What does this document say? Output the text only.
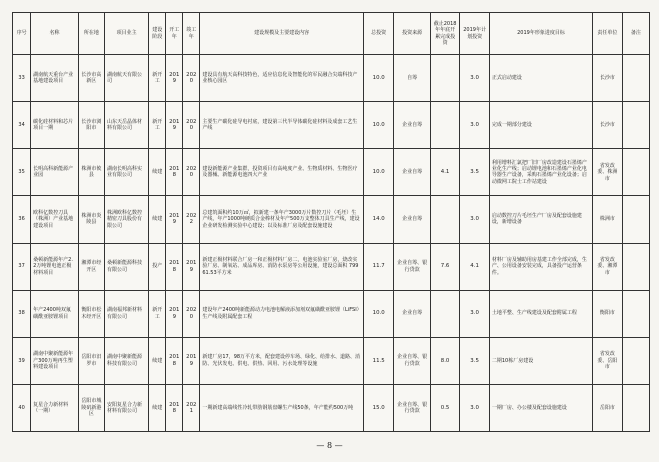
序号	名称	所在地	项目业主	建设阶段	开工年	竣工年	建设规模及主要建设内容	总投资	投资来源	截止2018年年底开累完成投资	2019年计划投资	2019年形象进度目标	责任单位	备注
33	湖南航天重台产业基地建设项目	长沙市高新区	湖南航天有限公司	新开工	2019	2020	建设具有航天高科技特色，适应信息化及智能化的军民融合尖端科技产业核心园区	10.0	自筹		3.0	正式启动建设	长沙市	
34	碳化硅材料和芯片项目一期	长沙市浏阳市	山东天岳晶体材料有限公司	新开工	2019	2020	主要生产碳化硅导电衬底，建设第三代半导体碳化硅材料及成套工艺生产线	10.0	企业自筹		3.0	完成一期部分建设	长沙市	
35	长明高科新能源产业园	株洲市攸县	湖南长明高科实业有限公司	续建	2018	2020	建设新能源产业集群，投资项目有高纯度产业、生物质材料、生物医疗及器械、新能源电池四大产业	10.0	企业自筹	4.1	3.5	利用增料汇氯把厂旧厂房改造建设石墨烯产业化生产线；启动锂电池和石墨烯产业化电导器生产设备，采购石墨烯产业化设备；启动微网工院士工作站建设	省发改委、株洲市	
36	欧科亿数控刀具（株洲）产业基地建设项目	株洲市炎陵县	株洲欧科亿数控精密刀具股份有限公司	续建	2019	2022	总建筑面积约10万㎡，拟新建一条年产3000万片数控刀片（毛坯）生产线，年产1000吨硬质合金棒材及年产500万支整体刀具生产线，建设企业研发检测实验中心建设；以及标准厂房及配套设施建设	14.0	企业自筹		3.0	启动数控刀片毛坯生产厂房及配套设施建设，新增设备	株洲市	
37	桑顿新能源年产2.2万吨锂电池正极材料项目	湘潭市经开区	桑顿新能源科技有限公司	投产	2018	2019	新建正极材料联合厂房一和正极材料厂房二，电池实验室厂房，烧改实验厂房、制氧站、成品库房、消防水泵房等公用设施，建设总面积 79961.53平方米	11.7	企业自筹、银行贷款	7.6	4.1	材料厂房及辅助用房基建工作全部完成，生产、公用设备安装完成，具备投产运营条件。	省发改委、湘潭市	
38	年产2400吨双氟磺酰亚胺锂项目	衡阳市松木经开区	湖南福邦新材料有限公司	新开工	2019	2020	建设年产2400吨新能源动力电池电解液添加剂双氟磺酰亚胺锂（LiFSI）生产线及附属配套工程	10.0	企业自筹		3.0	土地平整、生产线建设及配套附属工程	衡阳市	
39	湖南中聚新能源年产300万吨再生塑料建设项目	岳阳市汨罗市	湖南中聚新能源科技有限公司	续建	2018	2019	新建厂房17，98万平方米，配套建设停车场、绿化、给排水、道路、消防、光伏发电、供电、供热、回用、污水处理等设施	11.5	企业自筹、银行贷款	8.0	3.5	二期10栋厂房建设	省发改委、岳阳市	
40	复星合力新材料（一期）	岳阳市城陵矶新港区	安阳复星合力新材料有限公司	续建	2018	2021	一期新建高端线性冷轧带肋钢筋盘螺生产线50条，年产能约500万吨	15.0	企业自筹、银行贷款	0.5	3.0	一期厂房、办公楼及配套设施建设	岳阳市	
— 8 —
